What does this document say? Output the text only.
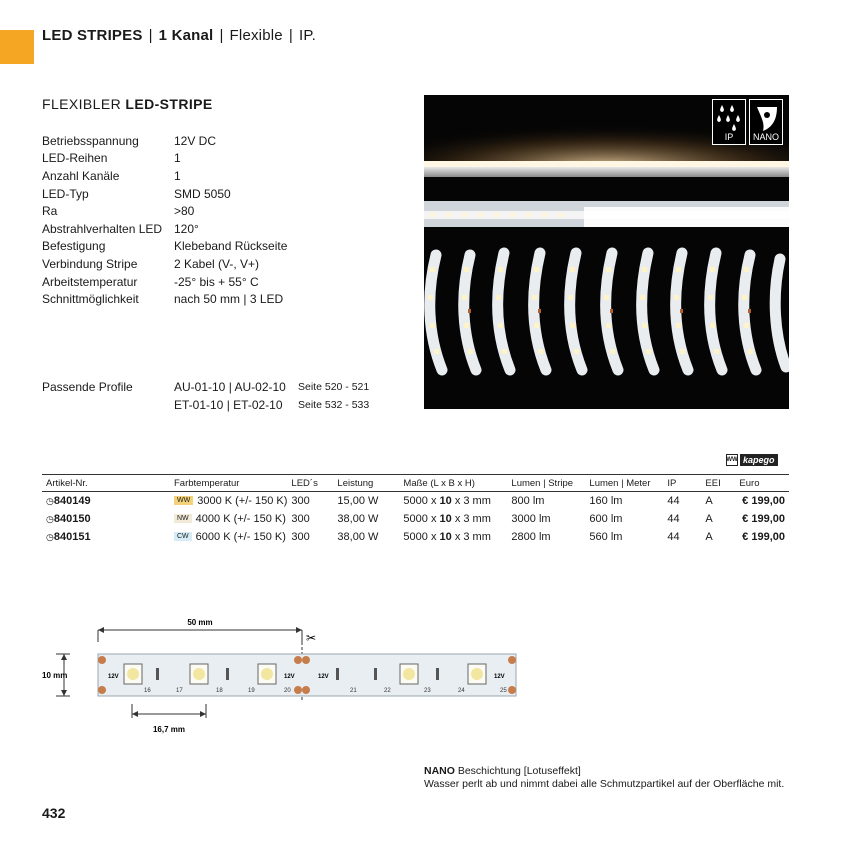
LED STRIPES | 1 Kanal | Flexible | IP.
FLEXIBLER LED-STRIPE
Betriebsspannung	12V DC
LED-Reihen	1
Anzahl Kanäle	1
LED-Typ	SMD 5050
Ra	>80
Abstrahlverhalten LED 120°
Befestigung	Klebeband Rückseite
Verbindung Stripe	2 Kabel (V-, V+)
Arbeitstemperatur	-25° bis + 55° C
Schnittmöglichkeit	nach 50 mm | 3 LED
Passende Profile	AU-01-10 | AU-02-10	Seite 520 - 521
ET-01-10 | ET-02-10	Seite 532 - 533
IP NANO
WW kapego
Artikel-Nr.	Farbtemperatur	LED´s	Leistung	Maße (L x B x H)	Lumen | Stripe	Lumen | Meter	IP	EEI	Euro
◷840149	WW 3000 K (+/- 150 K)	300	15,00 W	5000 x 10 x 3 mm	800 lm	160 lm	44	A	€ 199,00
◷840150	NW 4000 K (+/- 150 K)	300	38,00 W	5000 x 10 x 3 mm	3000 lm	600 lm	44	A	€ 199,00
◷840151	CW 6000 K (+/- 150 K)	300	38,00 W	5000 x 10 x 3 mm	2800 lm	560 lm	44	A	€ 199,00
50 mm
10 mm
16,7 mm
✂
12V	12V	12V	12V
16	17	18	19	20	21	22	23	24	25
NANO Beschichtung [Lotuseffekt]
Wasser perlt ab und nimmt dabei alle Schmutzpartikel auf der Oberfläche mit.
432
